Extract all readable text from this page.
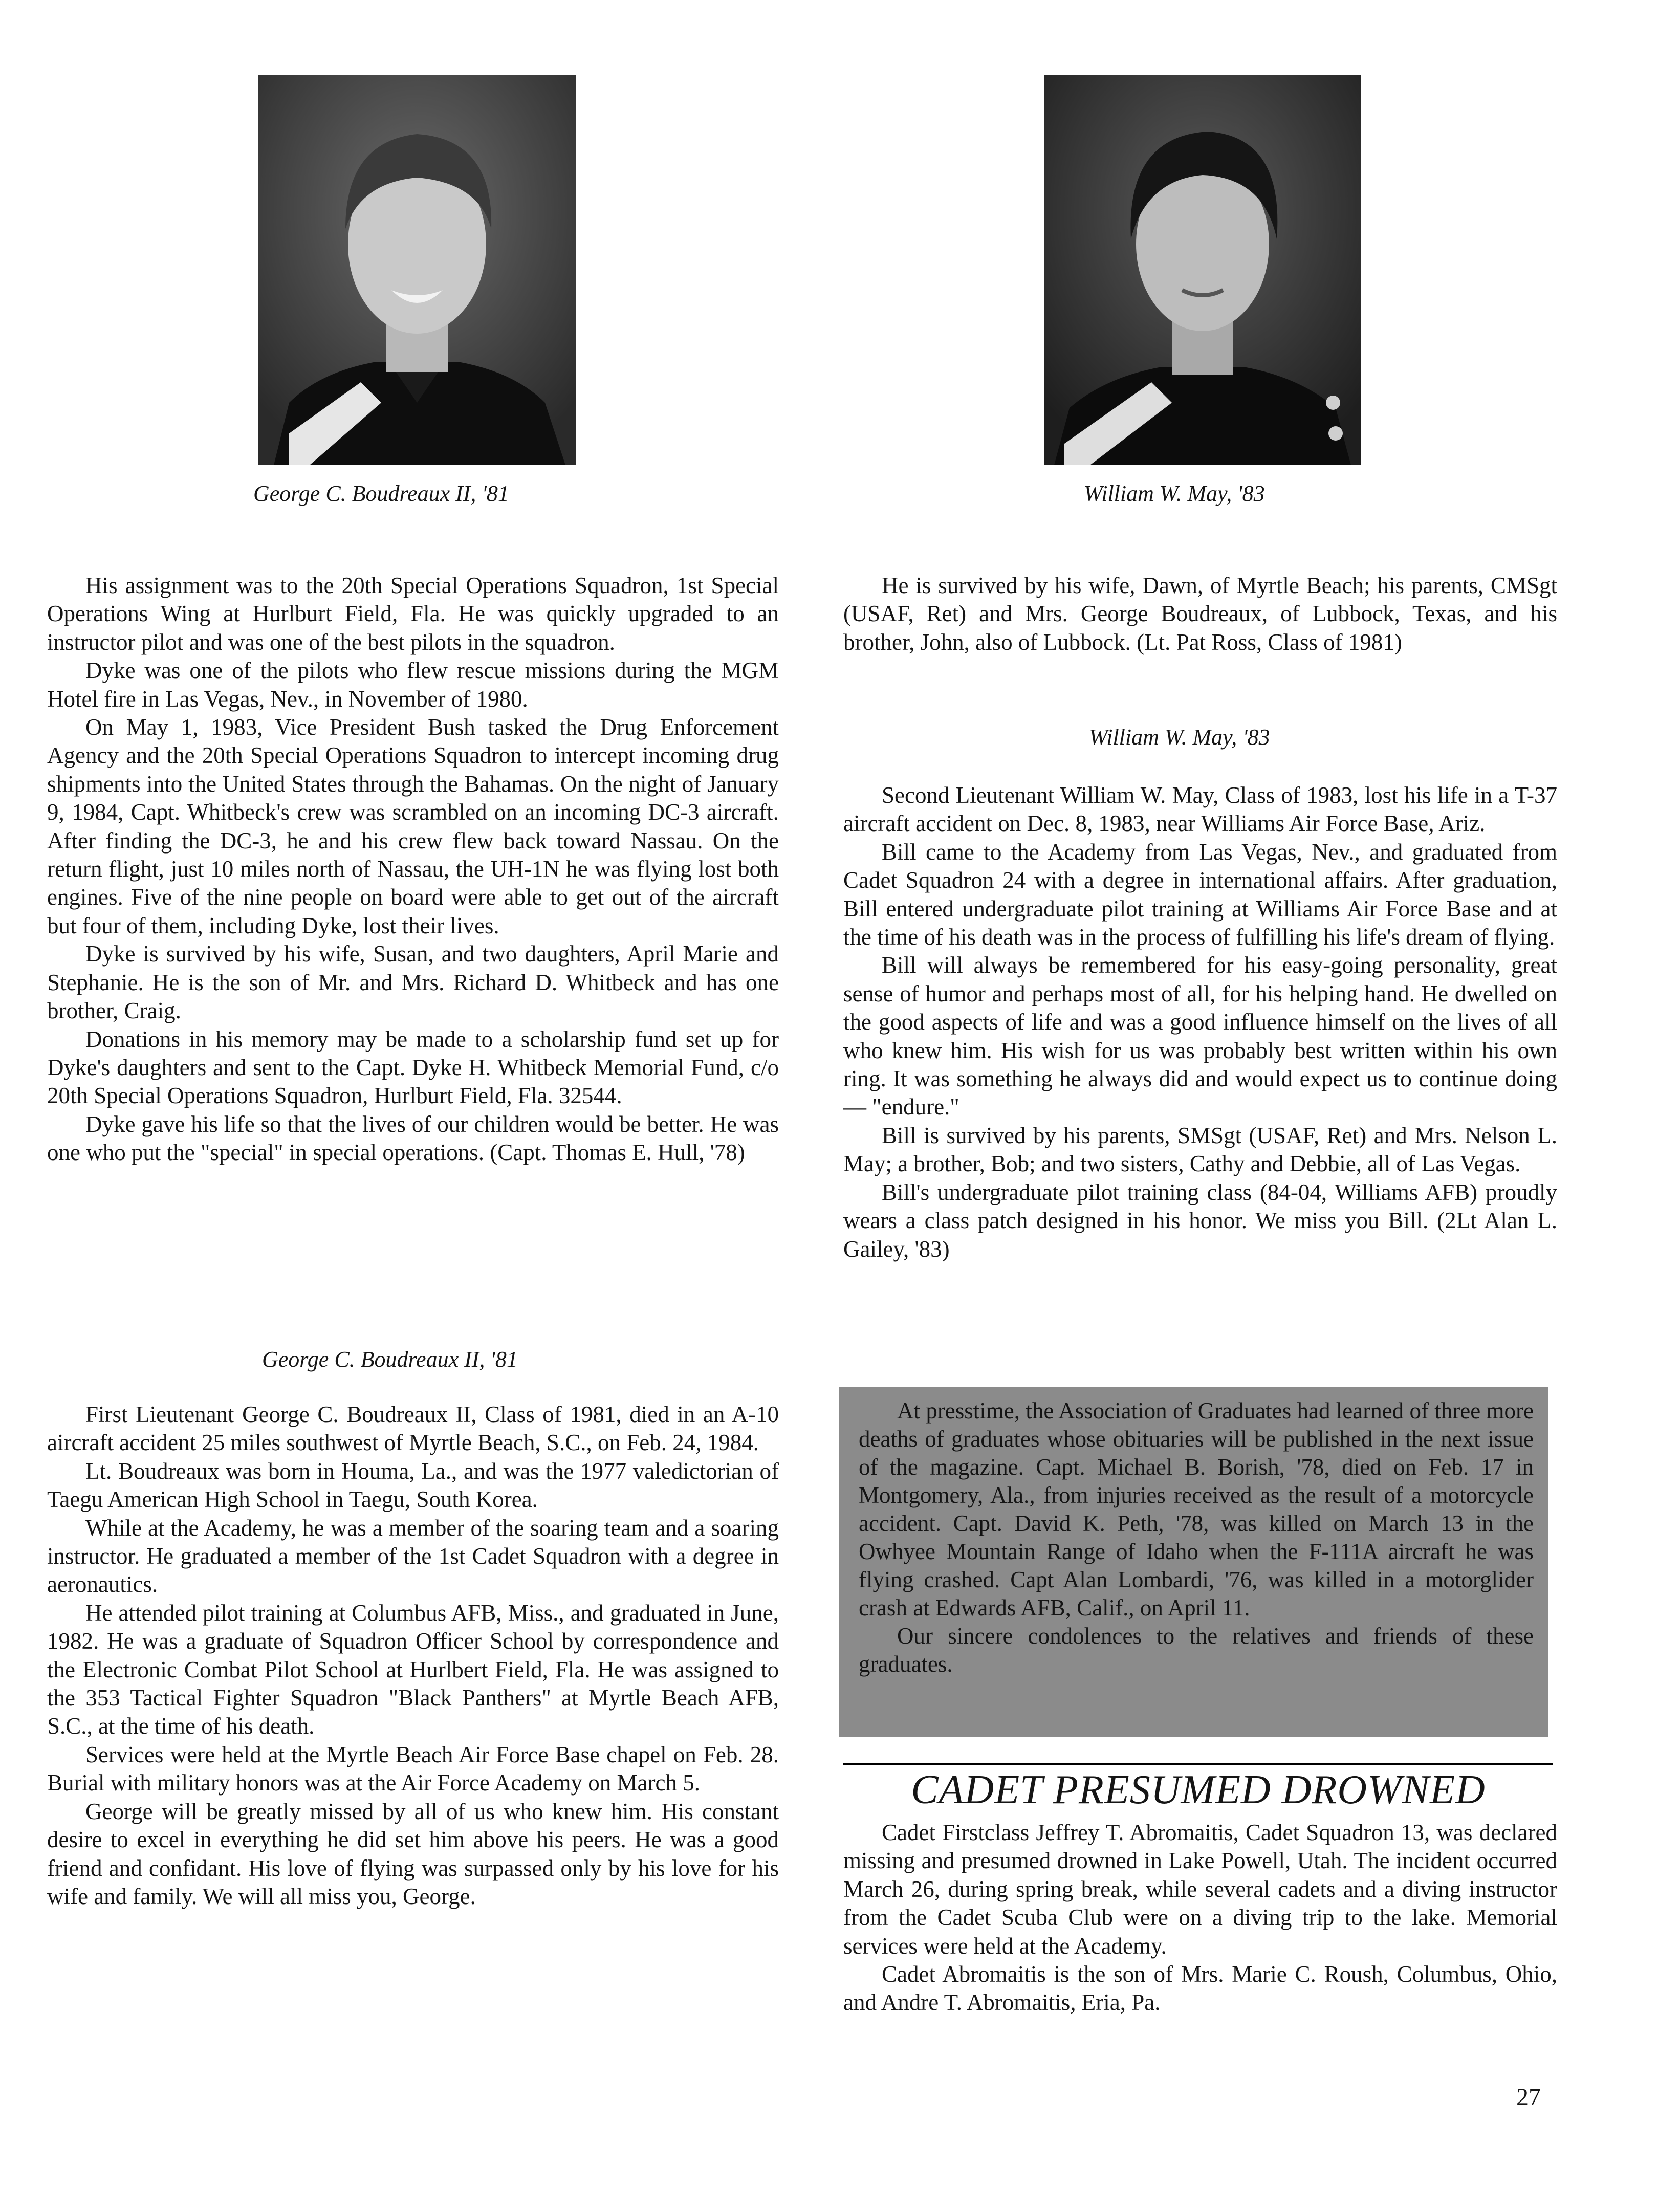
George C. Boudreaux II, '81	William W. May, '83

His assignment was to the 20th Special Operations Squadron, 1st Special Operations Wing at Hurlburt Field, Fla. He was quickly upgraded to an instructor pilot and was one of the best pilots in the squadron.

Dyke was one of the pilots who flew rescue missions during the MGM Hotel fire in Las Vegas, Nev., in November of 1980.

On May 1, 1983, Vice President Bush tasked the Drug Enforcement Agency and the 20th Special Operations Squadron to intercept incoming drug shipments into the United States through the Bahamas. On the night of January 9, 1984, Capt. Whitbeck's crew was scrambled on an incoming DC-3 aircraft. After finding the DC-3, he and his crew flew back toward Nassau. On the return flight, just 10 miles north of Nassau, the UH-1N he was flying lost both engines. Five of the nine people on board were able to get out of the aircraft but four of them, including Dyke, lost their lives.

Dyke is survived by his wife, Susan, and two daughters, April Marie and Stephanie. He is the son of Mr. and Mrs. Richard D. Whitbeck and has one brother, Craig.

Donations in his memory may be made to a scholarship fund set up for Dyke's daughters and sent to the Capt. Dyke H. Whitbeck Memorial Fund, c/o 20th Special Operations Squadron, Hurlburt Field, Fla. 32544.

Dyke gave his life so that the lives of our children would be better. He was one who put the "special" in special operations. (Capt. Thomas E. Hull, '78)

George C. Boudreaux II, '81

First Lieutenant George C. Boudreaux II, Class of 1981, died in an A-10 aircraft accident 25 miles southwest of Myrtle Beach, S.C., on Feb. 24, 1984.

Lt. Boudreaux was born in Houma, La., and was the 1977 valedictorian of Taegu American High School in Taegu, South Korea.

While at the Academy, he was a member of the soaring team and a soaring instructor. He graduated a member of the 1st Cadet Squadron with a degree in aeronautics.

He attended pilot training at Columbus AFB, Miss., and graduated in June, 1982. He was a graduate of Squadron Officer School by correspondence and the Electronic Combat Pilot School at Hurlbert Field, Fla. He was assigned to the 353 Tactical Fighter Squadron "Black Panthers" at Myrtle Beach AFB, S.C., at the time of his death.

Services were held at the Myrtle Beach Air Force Base chapel on Feb. 28. Burial with military honors was at the Air Force Academy on March 5.

George will be greatly missed by all of us who knew him. His constant desire to excel in everything he did set him above his peers. He was a good friend and confidant. His love of flying was surpassed only by his love for his wife and family. We will all miss you, George.

He is survived by his wife, Dawn, of Myrtle Beach; his parents, CMSgt (USAF, Ret) and Mrs. George Boudreaux, of Lubbock, Texas, and his brother, John, also of Lubbock. (Lt. Pat Ross, Class of 1981)

William W. May, '83

Second Lieutenant William W. May, Class of 1983, lost his life in a T-37 aircraft accident on Dec. 8, 1983, near Williams Air Force Base, Ariz.

Bill came to the Academy from Las Vegas, Nev., and graduated from Cadet Squadron 24 with a degree in international affairs. After graduation, Bill entered undergraduate pilot training at Williams Air Force Base and at the time of his death was in the process of fulfilling his life's dream of flying.

Bill will always be remembered for his easy-going personality, great sense of humor and perhaps most of all, for his helping hand. He dwelled on the good aspects of life and was a good influence himself on the lives of all who knew him. His wish for us was probably best written within his own ring. It was something he always did and would expect us to continue doing — "endure."

Bill is survived by his parents, SMSgt (USAF, Ret) and Mrs. Nelson L. May; a brother, Bob; and two sisters, Cathy and Debbie, all of Las Vegas.

Bill's undergraduate pilot training class (84-04, Williams AFB) proudly wears a class patch designed in his honor. We miss you Bill. (2Lt Alan L. Gailey, '83)

At presstime, the Association of Graduates had learned of three more deaths of graduates whose obituaries will be published in the next issue of the magazine. Capt. Michael B. Borish, '78, died on Feb. 17 in Montgomery, Ala., from injuries received as the result of a motorcycle accident. Capt. David K. Peth, '78, was killed on March 13 in the Owhyee Mountain Range of Idaho when the F-111A aircraft he was flying crashed. Capt Alan Lombardi, '76, was killed in a motorglider crash at Edwards AFB, Calif., on April 11.

Our sincere condolences to the relatives and friends of these graduates.

CADET PRESUMED DROWNED

Cadet Firstclass Jeffrey T. Abromaitis, Cadet Squadron 13, was declared missing and presumed drowned in Lake Powell, Utah. The incident occurred March 26, during spring break, while several cadets and a diving instructor from the Cadet Scuba Club were on a diving trip to the lake. Memorial services were held at the Academy.

Cadet Abromaitis is the son of Mrs. Marie C. Roush, Columbus, Ohio, and Andre T. Abromaitis, Eria, Pa.

27
